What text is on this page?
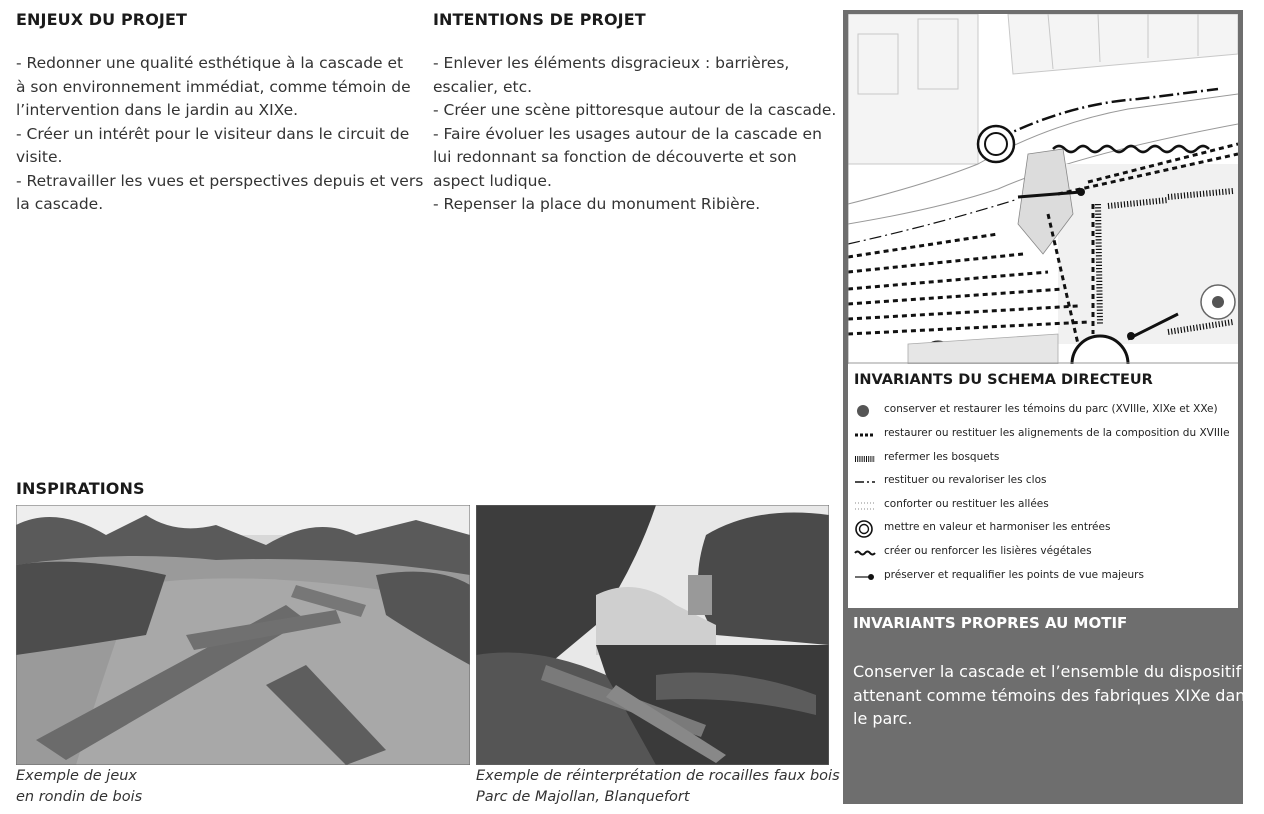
ENJEUX DU PROJET
- Redonner une qualité esthétique à la cascade et
à son environnement immédiat, comme témoin de
l’intervention dans le jardin au XIXe.
- Créer un intérêt pour le visiteur dans le circuit de
visite.
- Retravailler les vues et perspectives depuis et vers
la cascade.
INTENTIONS DE PROJET
- Enlever les éléments disgracieux : barrières,
escalier, etc.
- Créer une scène pittoresque autour de la cascade.
- Faire évoluer les usages autour de la cascade en
lui redonnant sa fonction de découverte et son
aspect ludique.
- Repenser la place du monument Ribière.
INSPIRATIONS
Exemple de jeux
en rondin de bois
Exemple de réinterprétation de rocailles faux bois
Parc de Majollan, Blanquefort
INVARIANTS DU SCHEMA DIRECTEUR
conserver et restaurer les témoins du parc (XVIIIe, XIXe et XXe)
restaurer ou restituer les alignements de la composition du XVIIIe
refermer les bosquets
restituer ou revaloriser les clos
conforter ou restituer les allées
mettre en valeur et harmoniser les entrées
créer ou renforcer les lisières végétales
préserver et requalifier les points de vue majeurs
INVARIANTS PROPRES AU MOTIF
Conserver la cascade et l’ensemble du dispositif
attenant comme témoins des fabriques XIXe dans
le parc.
